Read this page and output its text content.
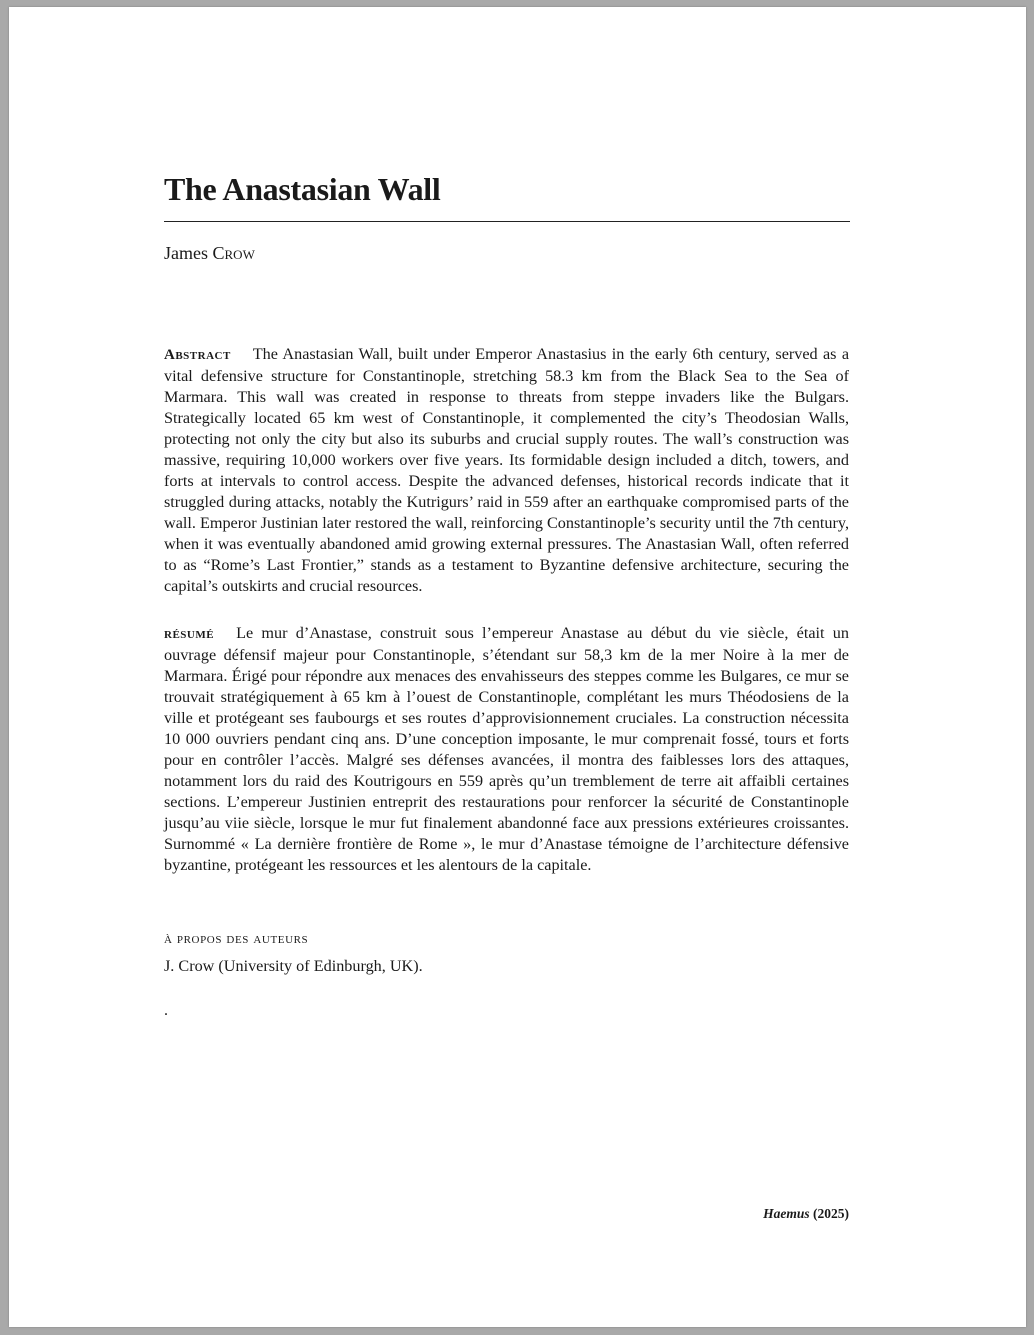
The Anastasian Wall
James Crow

Abstract The Anastasian Wall, built under Emperor Anastasius in the early 6th century, served as a vital defensive structure for Constantinople, stretching 58.3 km from the Black Sea to the Sea of Marmara. This wall was created in response to threats from steppe invaders like the Bulgars. Strategically located 65 km west of Constantinople, it complemented the city’s Theodosian Walls, protecting not only the city but also its suburbs and crucial supply routes. The wall’s construction was massive, requiring 10,000 workers over five years. Its formidable design included a ditch, towers, and forts at intervals to control access. Despite the advanced defenses, historical records indicate that it struggled during attacks, notably the Kutrigurs’ raid in 559 after an earthquake compromised parts of the wall. Emperor Justinian later restored the wall, reinforcing Constantinople’s security until the 7th century, when it was eventually abandoned amid growing external pressures. The Anastasian Wall, often referred to as “Rome’s Last Frontier,” stands as a testament to Byzantine defensive architecture, securing the capital’s outskirts and crucial resources.

résumé Le mur d’Anastase, construit sous l’empereur Anastase au début du vie siècle, était un ouvrage défensif majeur pour Constantinople, s’étendant sur 58,3 km de la mer Noire à la mer de Marmara. Érigé pour répondre aux menaces des envahisseurs des steppes comme les Bulgares, ce mur se trouvait stratégiquement à 65 km à l’ouest de Constantinople, complétant les murs Théodosiens de la ville et protégeant ses faubourgs et ses routes d’approvisionnement cruciales. La construction nécessita 10 000 ouvriers pendant cinq ans. D’une conception imposante, le mur comprenait fossé, tours et forts pour en contrôler l’accès. Malgré ses défenses avancées, il montra des faiblesses lors des attaques, notamment lors du raid des Koutrigours en 559 après qu’un tremblement de terre ait affaibli certaines sections. L’empereur Justinien entreprit des restaurations pour renforcer la sécurité de Constantinople jusqu’au viie siècle, lorsque le mur fut finalement abandonné face aux pressions extérieures croissantes. Surnommé « La dernière frontière de Rome », le mur d’Anastase témoigne de l’architecture défensive byzantine, protégeant les ressources et les alentours de la capitale.

à propos des auteurs
J. Crow (University of Edinburgh, UK).
.
Haemus (2025)
